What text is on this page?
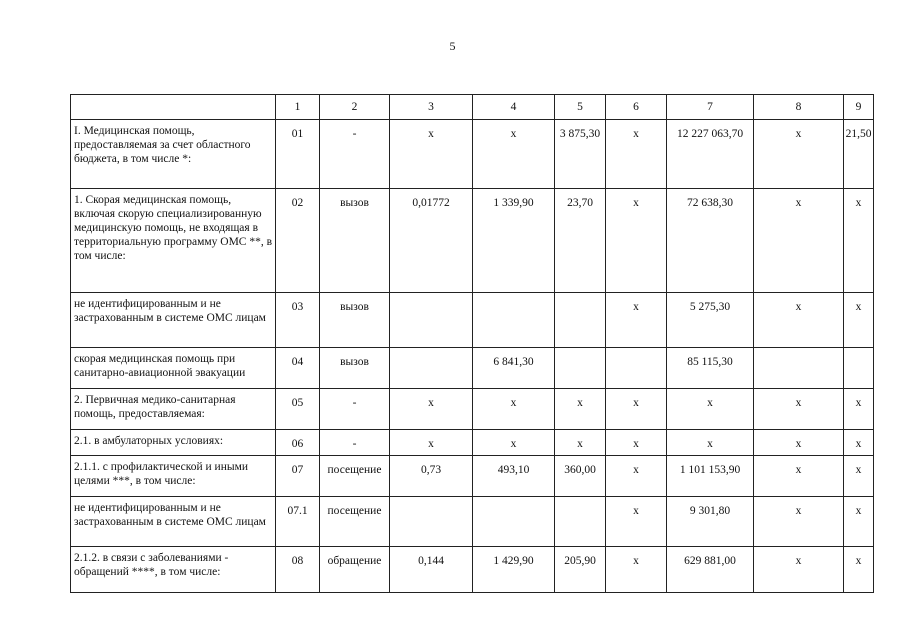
5
	1	2	3	4	5	6	7	8	9
I. Медицинская помощь, предоставляемая за счет областного бюджета, в том числе *:	01	-	х	х	3 875,30	х	12 227 063,70	х	21,50
1. Скорая медицинская помощь, включая скорую специализированную медицинскую помощь, не входящая в территориальную программу ОМС **, в том числе:	02	вызов	0,01772	1 339,90	23,70	х	72 638,30	х	х
не идентифицированным и не застрахованным в системе ОМС лицам	03	вызов				х	5 275,30	х	х
скорая медицинская помощь при санитарно-авиационной эвакуации	04	вызов		6 841,30			85 115,30		
2. Первичная медико-санитарная помощь, предоставляемая:	05	-	х	х	х	х	х	х	х
2.1. в амбулаторных условиях:	06	-	х	х	х	х	х	х	х
2.1.1. с профилактической и иными целями ***, в том числе:	07	посещение	0,73	493,10	360,00	х	1 101 153,90	х	х
не идентифицированным и не застрахованным в системе ОМС лицам	07.1	посещение				х	9 301,80	х	х
2.1.2. в связи с заболеваниями - обращений ****, в том числе:	08	обращение	0,144	1 429,90	205,90	х	629 881,00	х	х
